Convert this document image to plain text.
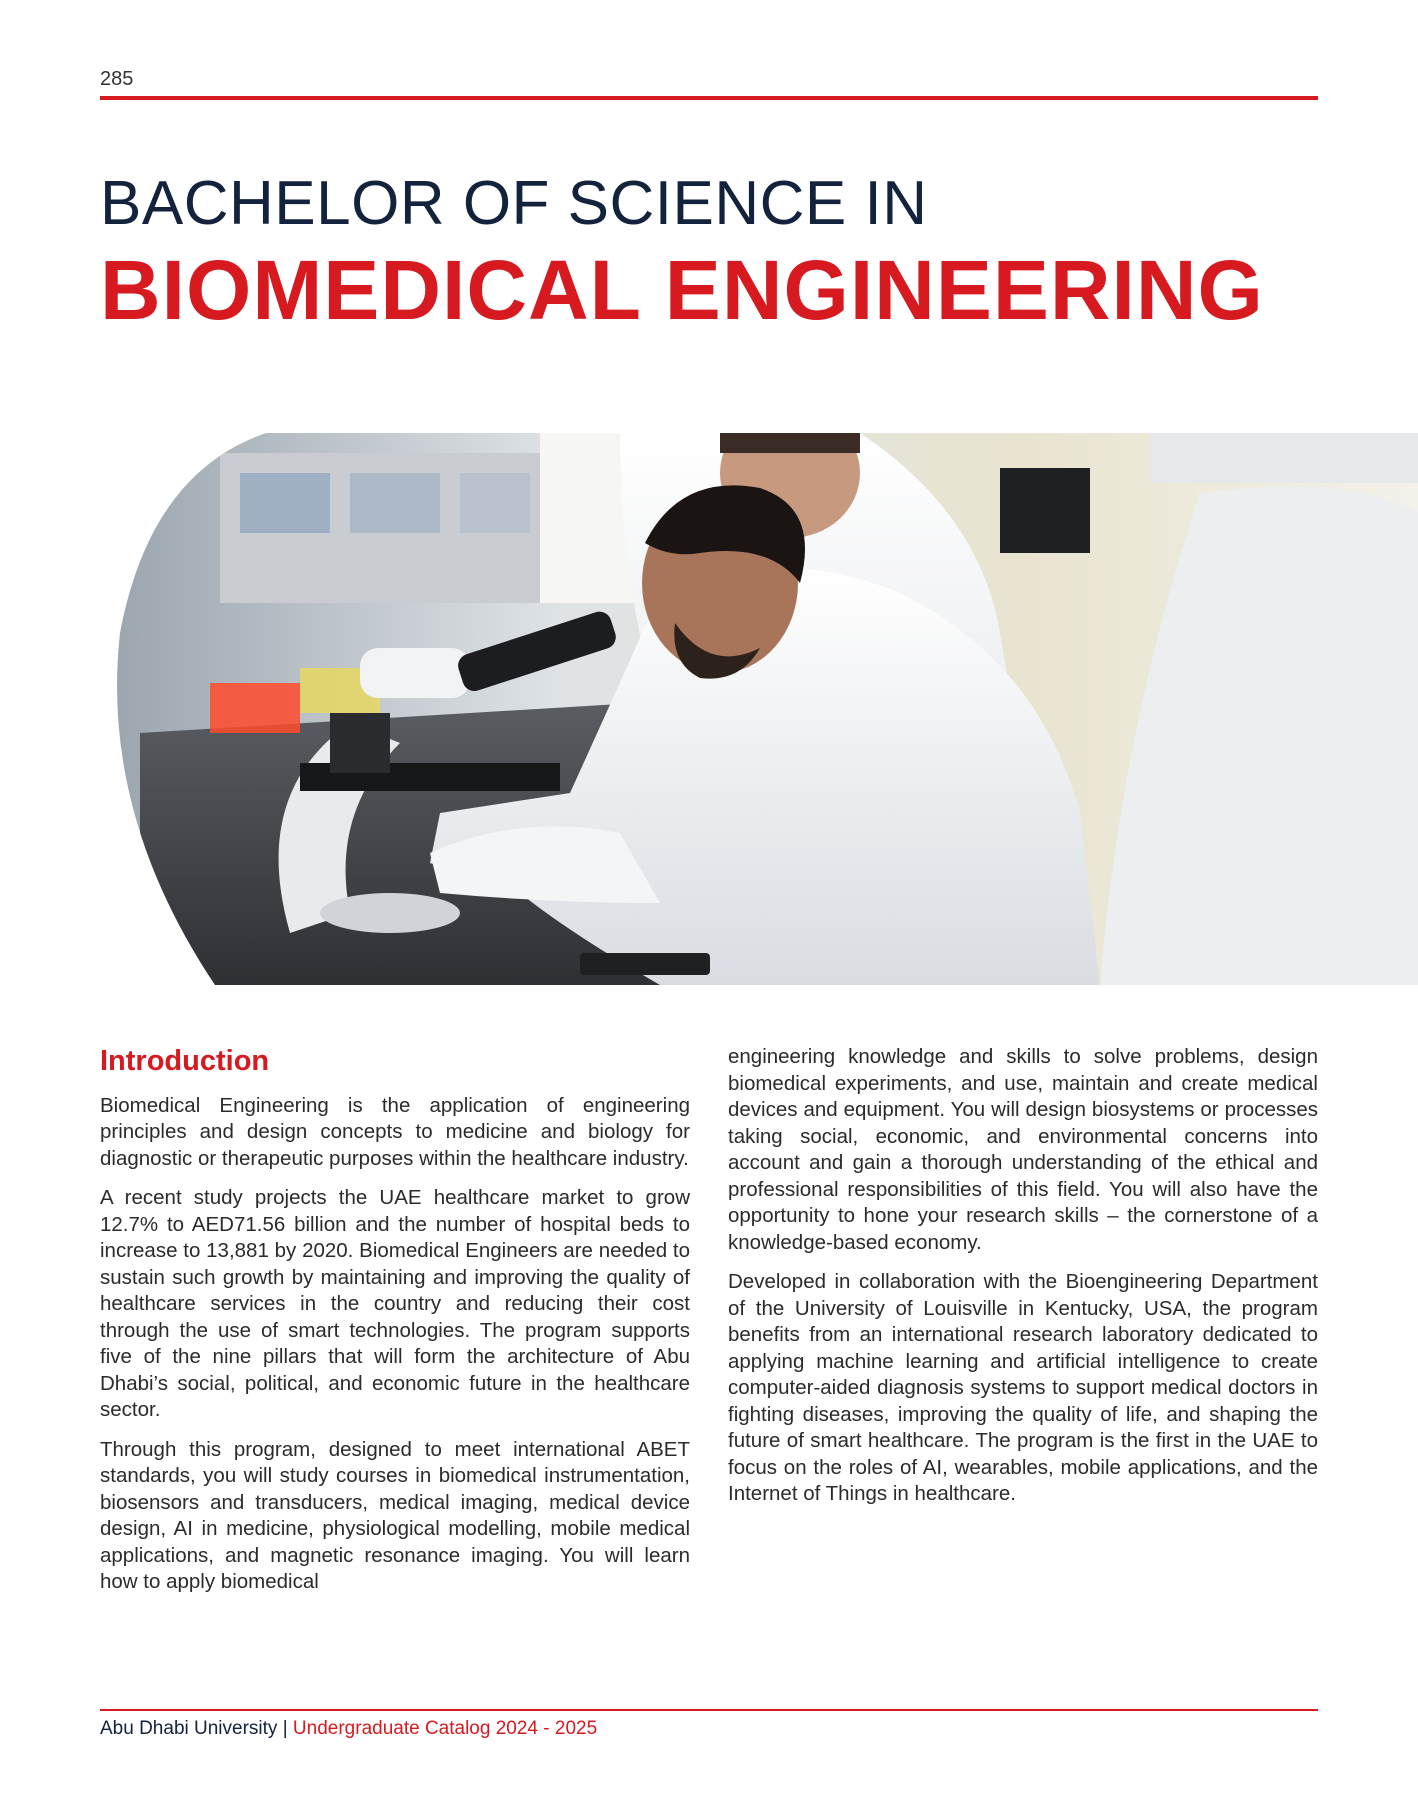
285
BACHELOR OF SCIENCE IN
BIOMEDICAL ENGINEERING
Introduction

Biomedical Engineering is the application of engineering principles and design concepts to medicine and biology for diagnostic or therapeutic purposes within the healthcare industry.

A recent study projects the UAE healthcare market to grow 12.7% to AED71.56 billion and the number of hospital beds to increase to 13,881 by 2020. Biomedical Engineers are needed to sustain such growth by maintaining and improving the quality of healthcare services in the country and reducing their cost through the use of smart technologies. The program supports five of the nine pillars that will form the architecture of Abu Dhabi’s social, political, and economic future in the healthcare sector.

Through this program, designed to meet international ABET standards, you will study courses in biomedical instrumentation, biosensors and transducers, medical imaging, medical device design, AI in medicine, physiological modelling, mobile medical applications, and magnetic resonance imaging. You will learn how to apply biomedical

engineering knowledge and skills to solve problems, design biomedical experiments, and use, maintain and create medical devices and equipment. You will design biosystems or processes taking social, economic, and environmental concerns into account and gain a thorough understanding of the ethical and professional responsibilities of this field. You will also have the opportunity to hone your research skills – the cornerstone of a knowledge-based economy.

Developed in collaboration with the Bioengineering Department of the University of Louisville in Kentucky, USA, the program benefits from an international research laboratory dedicated to applying machine learning and artificial intelligence to create computer-aided diagnosis systems to support medical doctors in fighting diseases, improving the quality of life, and shaping the future of smart healthcare. The program is the first in the UAE to focus on the roles of AI, wearables, mobile applications, and the Internet of Things in healthcare.

Abu Dhabi University | Undergraduate Catalog 2024 - 2025
